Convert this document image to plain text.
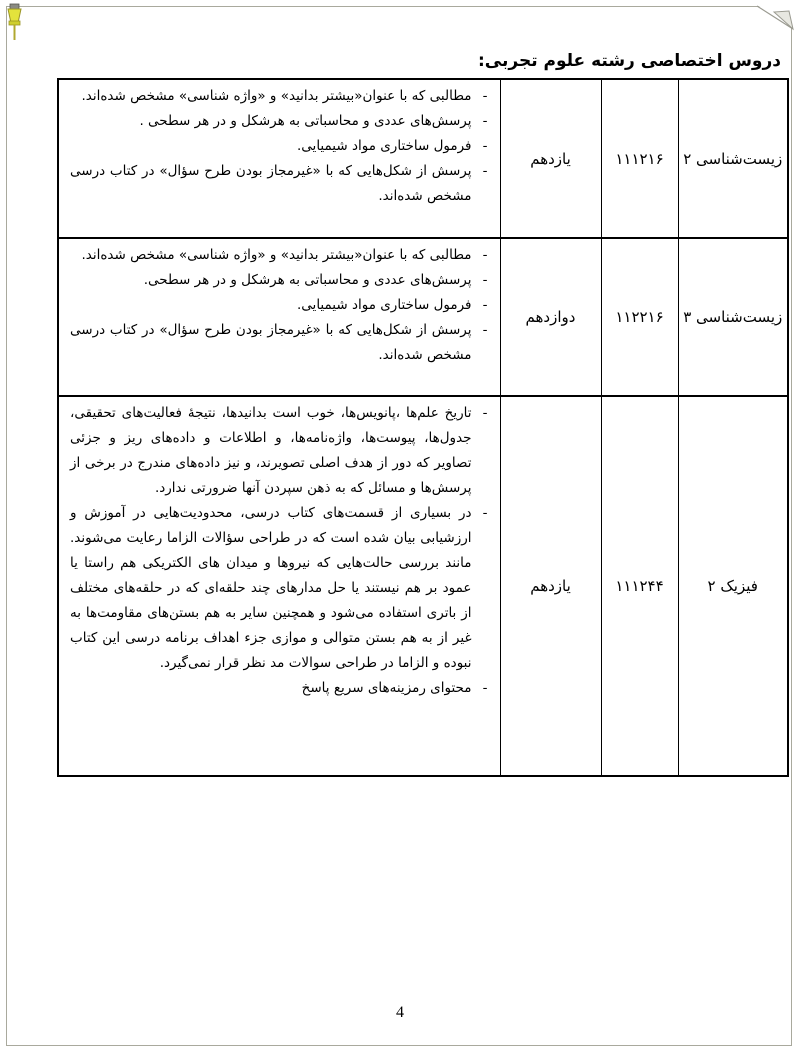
دروس اختصاصی رشته علوم تجربی:
زیست‌شناسی ۲	۱۱۱۲۱۶	یازدهم	
- مطالبی که با عنوان«بیشتر بدانید» و «واژه شناسی» مشخص شده‌اند.
- پرسش‌های عددی و محاسباتی به هرشکل و در هر سطحی .
- فرمول ساختاری مواد شیمیایی.
- پرسش از شکل‌هایی که با «غیرمجاز بودن طرح سؤال» در کتاب درسی مشخص شده‌اند.

زیست‌شناسی ۳	۱۱۲۲۱۶	دوازدهم	
- مطالبی که با عنوان«بیشتر بدانید» و «واژه شناسی» مشخص شده‌اند.
- پرسش‌های عددی و محاسباتی به هرشکل و در هر سطحی.
- فرمول ساختاری مواد شیمیایی.
- پرسش از شکل‌هایی که با «غیرمجاز بودن طرح سؤال» در کتاب درسی مشخص شده‌اند.

فیزیک ۲	۱۱۱۲۴۴	یازدهم	
- تاریخ علم‌ها ،پانویس‌ها، خوب است بدانیدها، نتیجهٔ فعالیت‌های تحقیقی، جدول‌ها، پیوست‌ها، واژه‌نامه‌ها، و اطلاعات و داده‌های ریز و جزئی تصاویر که دور از هدف اصلی تصویرند، و نیز داده‌های مندرج در برخی از پرسش‌ها و مسائل که به ذهن سپردن آنها ضرورتی ندارد.
- در بسیاری از قسمت‌های کتاب درسی، محدودیت‌هایی در آموزش و ارزشیابی بیان شده است که در طراحی سؤالات الزاما رعایت می‌شوند. مانند بررسی حالت‌هایی که نیروها و میدان های الکتریکی هم راستا یا عمود بر هم نیستند یا حل مدارهای چند حلقه‌ای که در حلقه‌های مختلف از باتری استفاده می‌شود و همچنین سایر به هم بستن‌های مقاومت‌ها به غیر از به هم بستن متوالی و موازی جزء اهداف برنامه درسی این کتاب نبوده و الزاما در طراحی سوالات مد نظر قرار نمی‌گیرد.
- محتوای رمزینه‌های سریع پاسخ
4
